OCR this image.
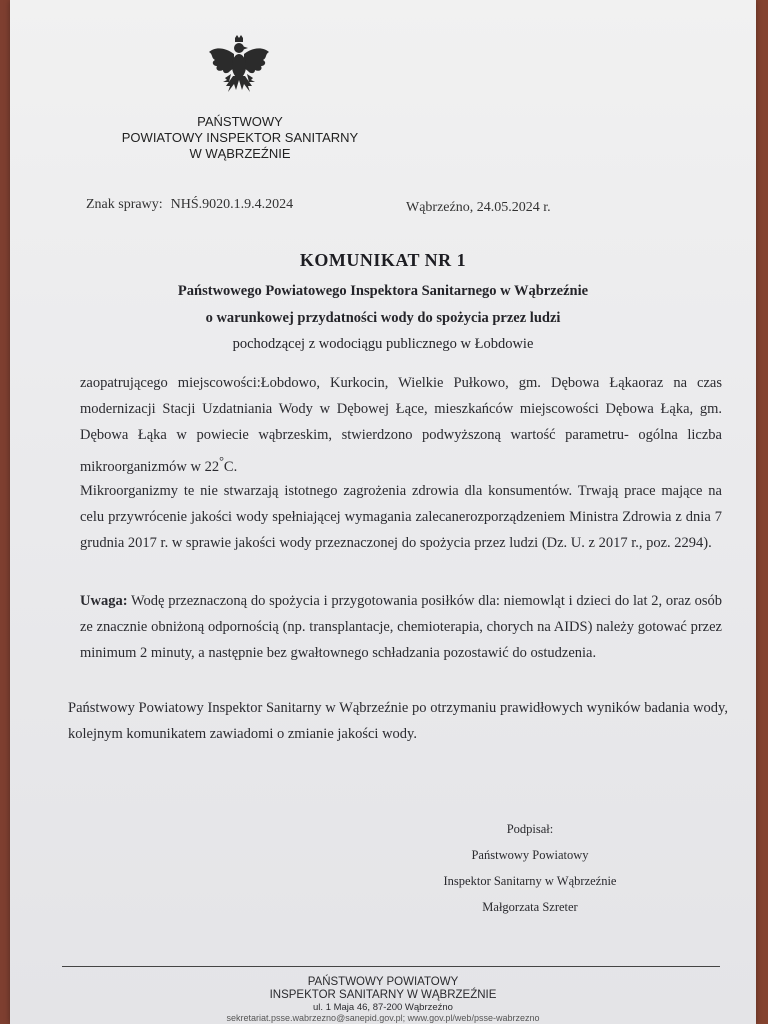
PAŃSTWOWY
POWIATOWY INSPEKTOR SANITARNY
W WĄBRZEŹNIE
Znak sprawy: NHŚ.9020.1.9.4.2024	Wąbrzeźno, 24.05.2024 r.
KOMUNIKAT NR 1
Państwowego Powiatowego Inspektora Sanitarnego w Wąbrzeźnie
o warunkowej przydatności wody do spożycia przez ludzi
pochodzącej z wodociągu publicznego w Łobdowie
zaopatrującego miejscowości:Łobdowo, Kurkocin, Wielkie Pułkowo, gm. Dębowa Łąkaoraz na czas modernizacji Stacji Uzdatniania Wody w Dębowej Łące, mieszkańców miejscowości Dębowa Łąka, gm. Dębowa Łąka w powiecie wąbrzeskim, stwierdzono podwyższoną wartość parametru- ogólna liczba mikroorganizmów w 22°C.
Mikroorganizmy te nie stwarzają istotnego zagrożenia zdrowia dla konsumentów. Trwają prace mające na celu przywrócenie jakości wody spełniającej wymagania zalecanerozporządzeniem Ministra Zdrowia z dnia 7 grudnia 2017 r. w sprawie jakości wody przeznaczonej do spożycia przez ludzi (Dz. U. z 2017 r., poz. 2294).
Uwaga: Wodę przeznaczoną do spożycia i przygotowania posiłków dla: niemowląt i dzieci do lat 2, oraz osób ze znacznie obniżoną odpornością (np. transplantacje, chemioterapia, chorych na AIDS) należy gotować przez minimum 2 minuty, a następnie bez gwałtownego schładzania pozostawić do ostudzenia.
Państwowy Powiatowy Inspektor Sanitarny w Wąbrzeźnie po otrzymaniu prawidłowych wyników badania wody, kolejnym komunikatem zawiadomi o zmianie jakości wody.
Podpisał:
Państwowy Powiatowy
Inspektor Sanitarny w Wąbrzeźnie
Małgorzata Szreter
PAŃSTWOWY POWIATOWY
INSPEKTOR SANITARNY W WĄBRZEŹNIE
ul. 1 Maja 46, 87-200 Wąbrzeźno
sekretariat.psse.wabrzezno@sanepid.gov.pl; www.gov.pl/web/psse-wabrzezno
